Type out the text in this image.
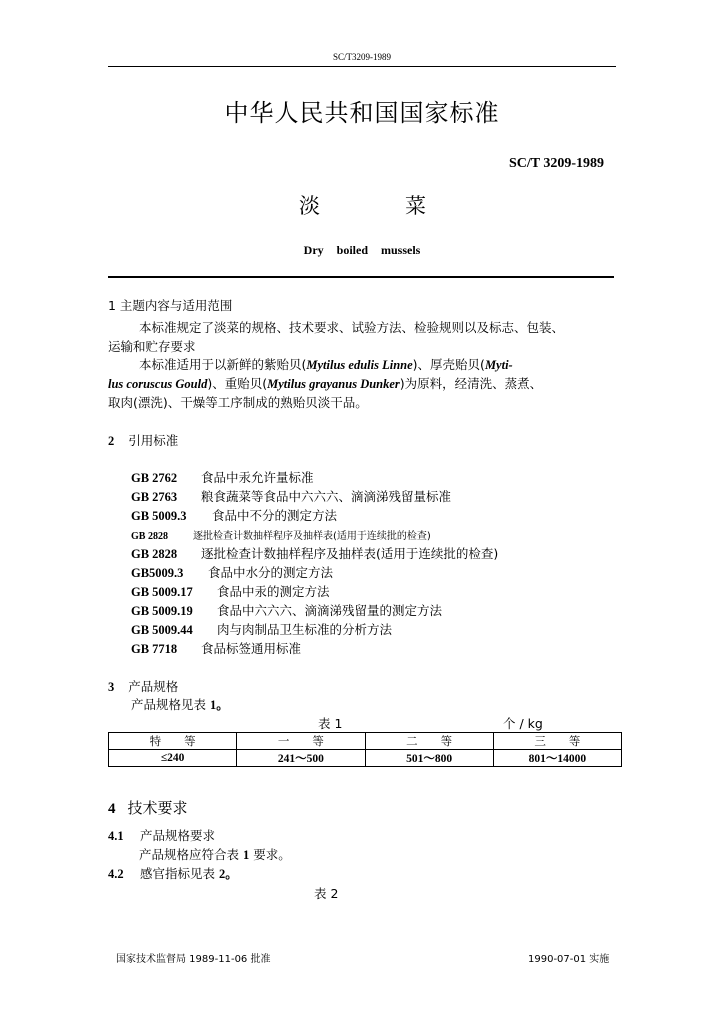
SC/T3209-1989
中华人民共和国国家标准
SC/T 3209-1989
淡	菜
Dry boiled mussels
1 主题内容与适用范围
本标准规定了淡菜的规格、技术要求、试验方法、检验规则以及标志、包装、
运输和贮存要求
本标准适用于以新鲜的紫贻贝(Mytilus edulis Linne)、厚壳贻贝(Myti-
lus coruscus Gould)、重贻贝(Mytilus grayanus Dunker)为原料，经清洗、蒸煮、
取肉(漂洗)、干燥等工序制成的熟贻贝淡干品。
2 引用标准
GB 2762 食品中汞允许量标准
GB 2763 粮食蔬菜等食品中六六六、滴滴涕残留量标准
GB 5009.3 食品中不分的测定方法
GB 2828	逐批检查计数抽样程序及抽样表(适用于连续批的检查)
GB 2828 逐批检查计数抽样程序及抽样表(适用于连续批的检查)
GB5009.3 食品中水分的测定方法
GB 5009.17 食品中汞的测定方法
GB 5009.19 食品中六六六、滴滴涕残留量的测定方法
GB 5009.44 肉与肉制品卫生标准的分析方法
GB 7718 食品标签通用标准
3 产品规格
产品规格见表 1。
表 1	个 / kg
特　　等	一　　等	二　　等	三　　等
≤240	241～500	501～800	801～14000
4 技术要求
4.1 产品规格要求
产品规格应符合表 1 要求。
4.2 感官指标见表 2。
表 2
国家技术监督局 1989-11-06 批准	1990-07-01 实施
